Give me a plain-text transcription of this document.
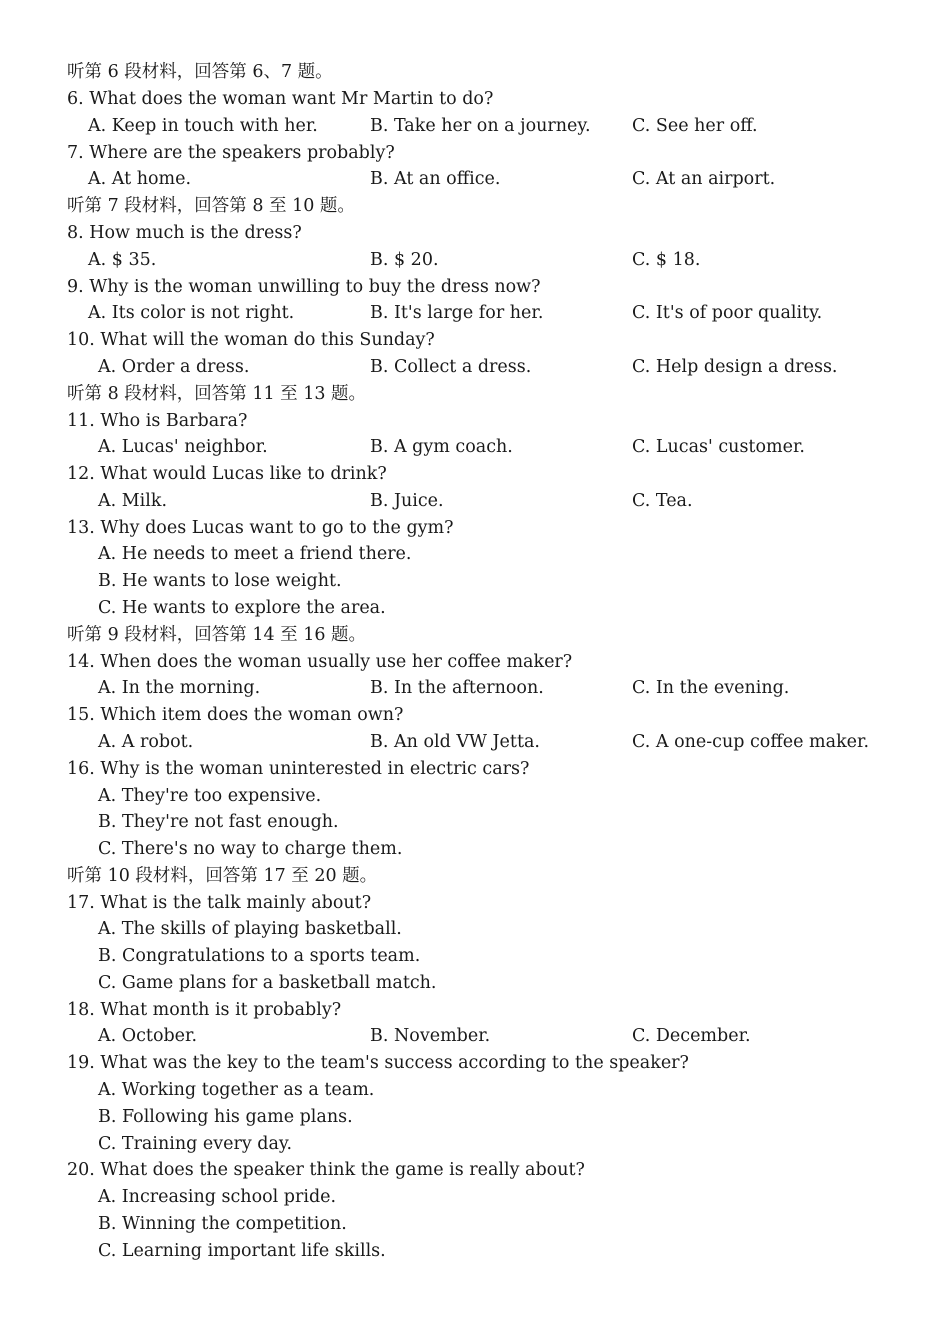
听第 6 段材料，回答第 6、7 题。
6. What does the woman want Mr Martin to do?
A. Keep in touch with her.	B. Take her on a journey. C. See her off.
7. Where are the speakers probably?
A. At home.	B. At an office.	C. At an airport.
听第 7 段材料，回答第 8 至 10 题。
8. How much is the dress?
A. $ 35.	B. $ 20.	C. $ 18.
9. Why is the woman unwilling to buy the dress now?
A. Its color is not right.	B. It's large for her.	C. It's of poor quality.
10. What will the woman do this Sunday?
A. Order a dress.	B. Collect a dress.	C. Help design a dress.
听第 8 段材料，回答第 11 至 13 题。
11. Who is Barbara?
A. Lucas' neighbor.	B. A gym coach.	C. Lucas' customer.
12. What would Lucas like to drink?
A. Milk.	B. Juice.	C. Tea.
13. Why does Lucas want to go to the gym?
A. He needs to meet a friend there.
B. He wants to lose weight.
C. He wants to explore the area.
听第 9 段材料，回答第 14 至 16 题。
14. When does the woman usually use her coffee maker?
A. In the morning.	B. In the afternoon.	C. In the evening.
15. Which item does the woman own?
A. A robot.	B. An old VW Jetta.	C. A one-cup coffee maker.
16. Why is the woman uninterested in electric cars?
A. They're too expensive.
B. They're not fast enough.
C. There's no way to charge them.
听第 10 段材料，回答第 17 至 20 题。
17. What is the talk mainly about?
A. The skills of playing basketball.
B. Congratulations to a sports team.
C. Game plans for a basketball match.
18. What month is it probably?
A. October.	B. November.	C. December.
19. What was the key to the team's success according to the speaker?
A. Working together as a team.
B. Following his game plans.
C. Training every day.
20. What does the speaker think the game is really about?
A. Increasing school pride.
B. Winning the competition.
C. Learning important life skills.
